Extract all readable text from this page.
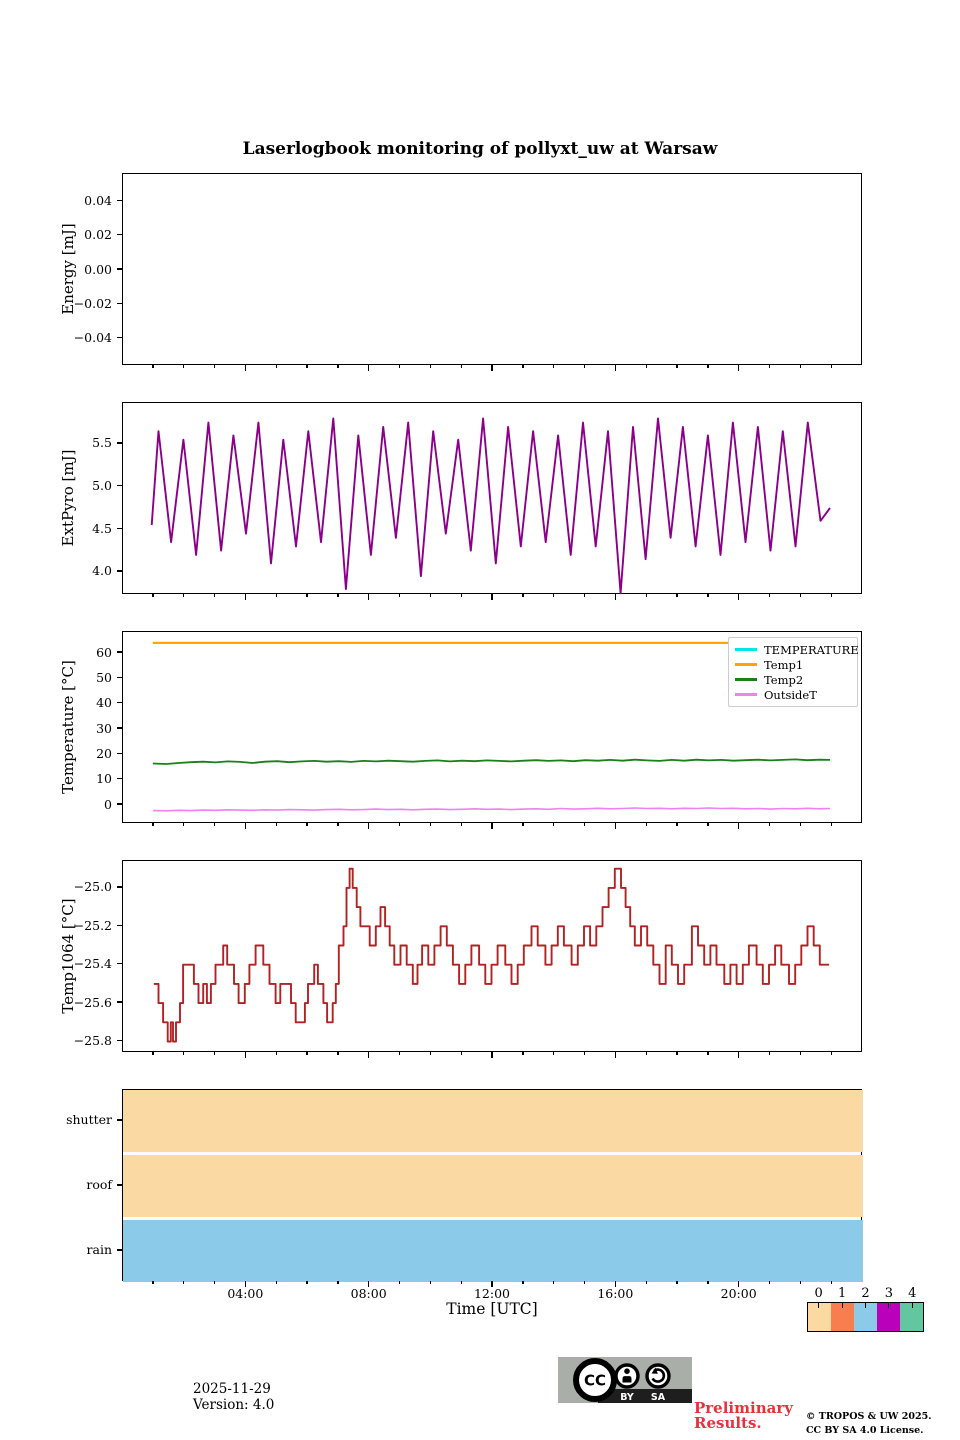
Laserlogbook monitoring of pollyxt_uw at Warsaw
Energy [mJ]
ExtPyro [mJ]
Temperature [°C]
Temp1064 [°C]
TEMPERATURE
Temp1
Temp2
OutsideT
Time [UTC]
2025-11-29
Version: 4.0
CC
BY SA
Preliminary Results.	© TROPOS & UW 2025.
CC BY SA 4.0 License.
0.04
0.02
0.00
−0.02
−0.04
5.5
5.0
4.5
4.0
60
50
40
30
20
10
0
−25.0
−25.2
−25.4
−25.6
−25.8
shutter
roof
rain
04:00	08:00	12:00	16:00	20:00	0	1	2	3	4
